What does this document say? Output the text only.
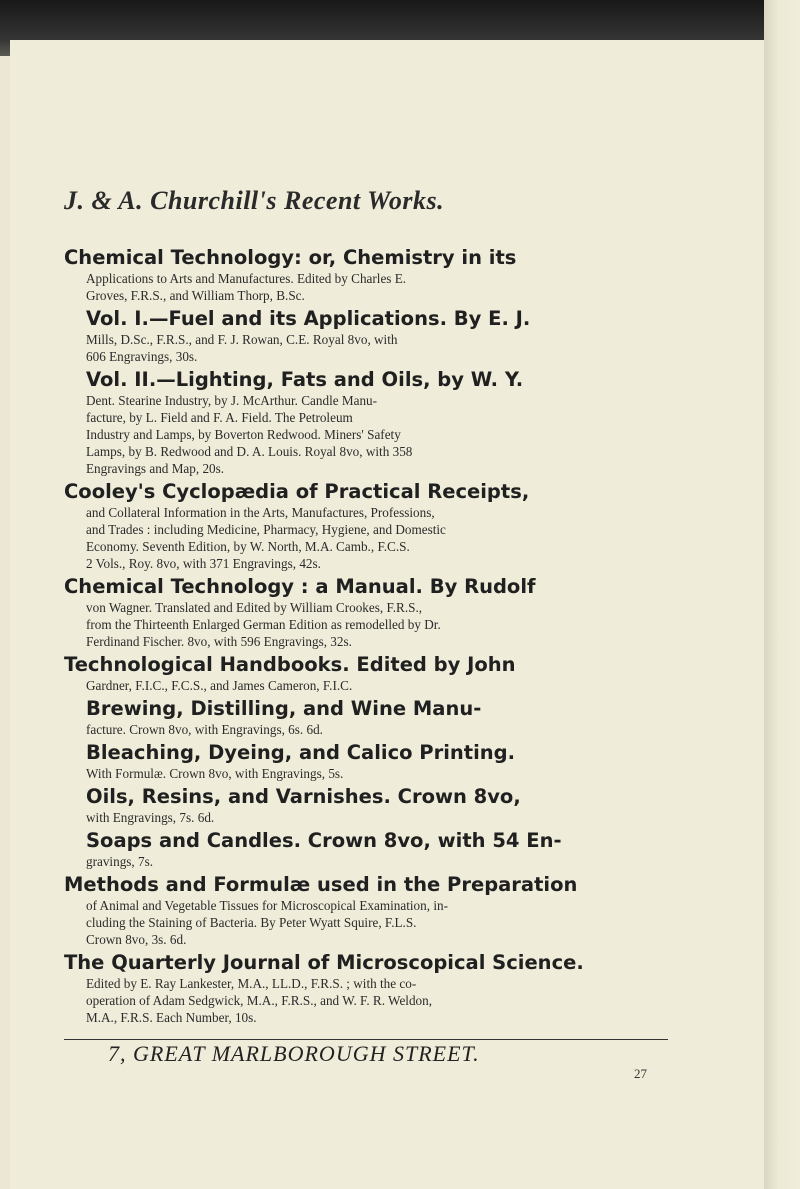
J. & A. Churchill's Recent Works.
Chemical Technology: or, Chemistry in its
Applications to Arts and Manufactures. Edited by Charles E.
Groves, F.R.S., and William Thorp, B.Sc.
Vol. I.—Fuel and its Applications. By E. J.
Mills, D.Sc., F.R.S., and F. J. Rowan, C.E. Royal 8vo, with
606 Engravings, 30s.
Vol. II.—Lighting, Fats and Oils, by W. Y.
Dent. Stearine Industry, by J. McArthur. Candle Manu-
facture, by L. Field and F. A. Field. The Petroleum
Industry and Lamps, by Boverton Redwood. Miners' Safety
Lamps, by B. Redwood and D. A. Louis. Royal 8vo, with 358
Engravings and Map, 20s.
Cooley's Cyclopædia of Practical Receipts,
and Collateral Information in the Arts, Manufactures, Professions,
and Trades : including Medicine, Pharmacy, Hygiene, and Domestic
Economy. Seventh Edition, by W. North, M.A. Camb., F.C.S.
2 Vols., Roy. 8vo, with 371 Engravings, 42s.
Chemical Technology : a Manual. By Rudolf
von Wagner. Translated and Edited by William Crookes, F.R.S.,
from the Thirteenth Enlarged German Edition as remodelled by Dr.
Ferdinand Fischer. 8vo, with 596 Engravings, 32s.
Technological Handbooks. Edited by John
Gardner, F.I.C., F.C.S., and James Cameron, F.I.C.
Brewing, Distilling, and Wine Manu-
facture. Crown 8vo, with Engravings, 6s. 6d.
Bleaching, Dyeing, and Calico Printing.
With Formulæ. Crown 8vo, with Engravings, 5s.
Oils, Resins, and Varnishes. Crown 8vo,
with Engravings, 7s. 6d.
Soaps and Candles. Crown 8vo, with 54 En-
gravings, 7s.
Methods and Formulæ used in the Preparation
of Animal and Vegetable Tissues for Microscopical Examination, in-
cluding the Staining of Bacteria. By Peter Wyatt Squire, F.L.S.
Crown 8vo, 3s. 6d.
The Quarterly Journal of Microscopical Science.
Edited by E. Ray Lankester, M.A., LL.D., F.R.S. ; with the co-
operation of Adam Sedgwick, M.A., F.R.S., and W. F. R. Weldon,
M.A., F.R.S. Each Number, 10s.
7, GREAT MARLBOROUGH STREET.
27
